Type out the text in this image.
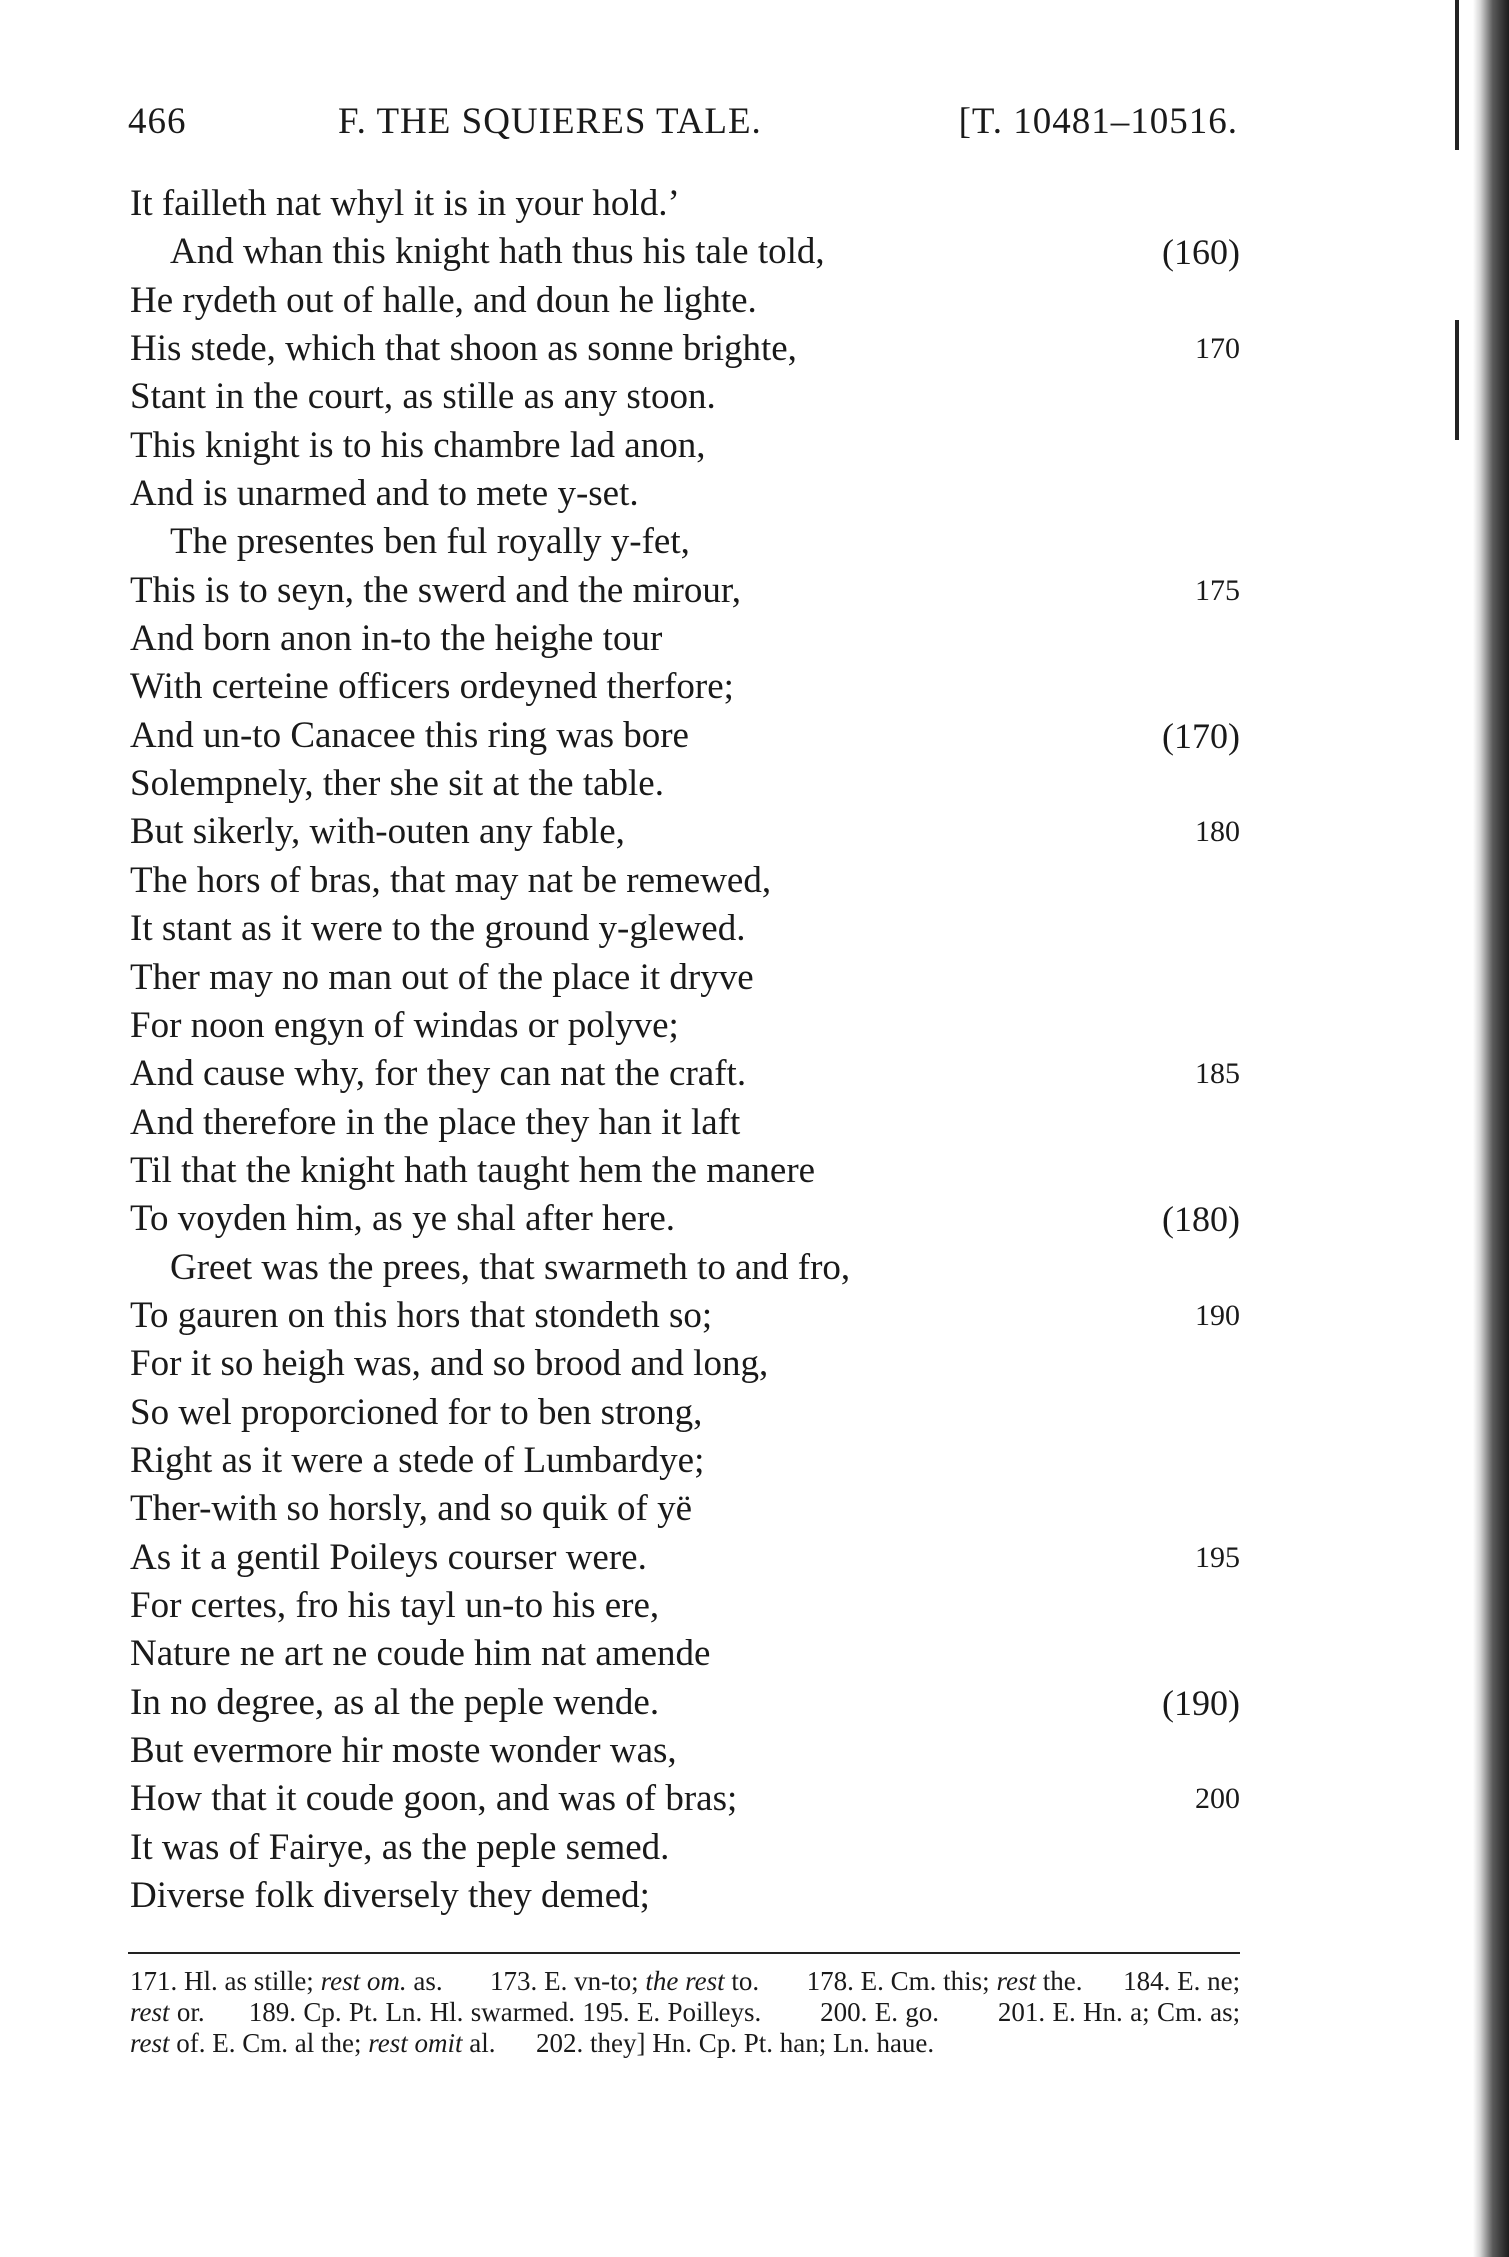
466	F. THE SQUIERES TALE.	[T. 10481–10516.
It failleth nat whyl it is in your hold.’
And whan this knight hath thus his tale told,	(160)
He rydeth out of halle, and doun he lighte.
His stede, which that shoon as sonne brighte,	170
Stant in the court, as stille as any stoon.
This knight is to his chambre lad anon,
And is unarmed and to mete y-set.
The presentes ben ful royally y-fet,
This is to seyn, the swerd and the mirour,	175
And born anon in-to the heighe tour
With certeine officers ordeyned therfore;
And un-to Canacee this ring was bore	(170)
Solempnely, ther she sit at the table.
But sikerly, with-outen any fable,	180
The hors of bras, that may nat be remewed,
It stant as it were to the ground y-glewed.
Ther may no man out of the place it dryve
For noon engyn of windas or polyve;
And cause why, for they can nat the craft.	185
And therefore in the place they han it laft
Til that the knight hath taught hem the manere
To voyden him, as ye shal after here.	(180)
Greet was the prees, that swarmeth to and fro,
To gauren on this hors that stondeth so;	190
For it so heigh was, and so brood and long,
So wel proporcioned for to ben strong,
Right as it were a stede of Lumbardye;
Ther-with so horsly, and so quik of yë
As it a gentil Poileys courser were.	195
For certes, fro his tayl un-to his ere,
Nature ne art ne coude him nat amende
In no degree, as al the peple wende.	(190)
But evermore hir moste wonder was,
How that it coude goon, and was of bras;	200
It was of Fairye, as the peple semed.
Diverse folk diversely they demed;
171. Hl. as stille; rest om. as. 173. E. vn-to; the rest to. 178. E. Cm. this; rest the. 184. E. ne; rest or. 189. Cp. Pt. Ln. Hl. swarmed. 195. E. Poilleys. 200. E. go. 201. E. Hn. a; Cm. as; rest of. E. Cm. al the; rest omit al. 202. they] Hn. Cp. Pt. han; Ln. haue.
